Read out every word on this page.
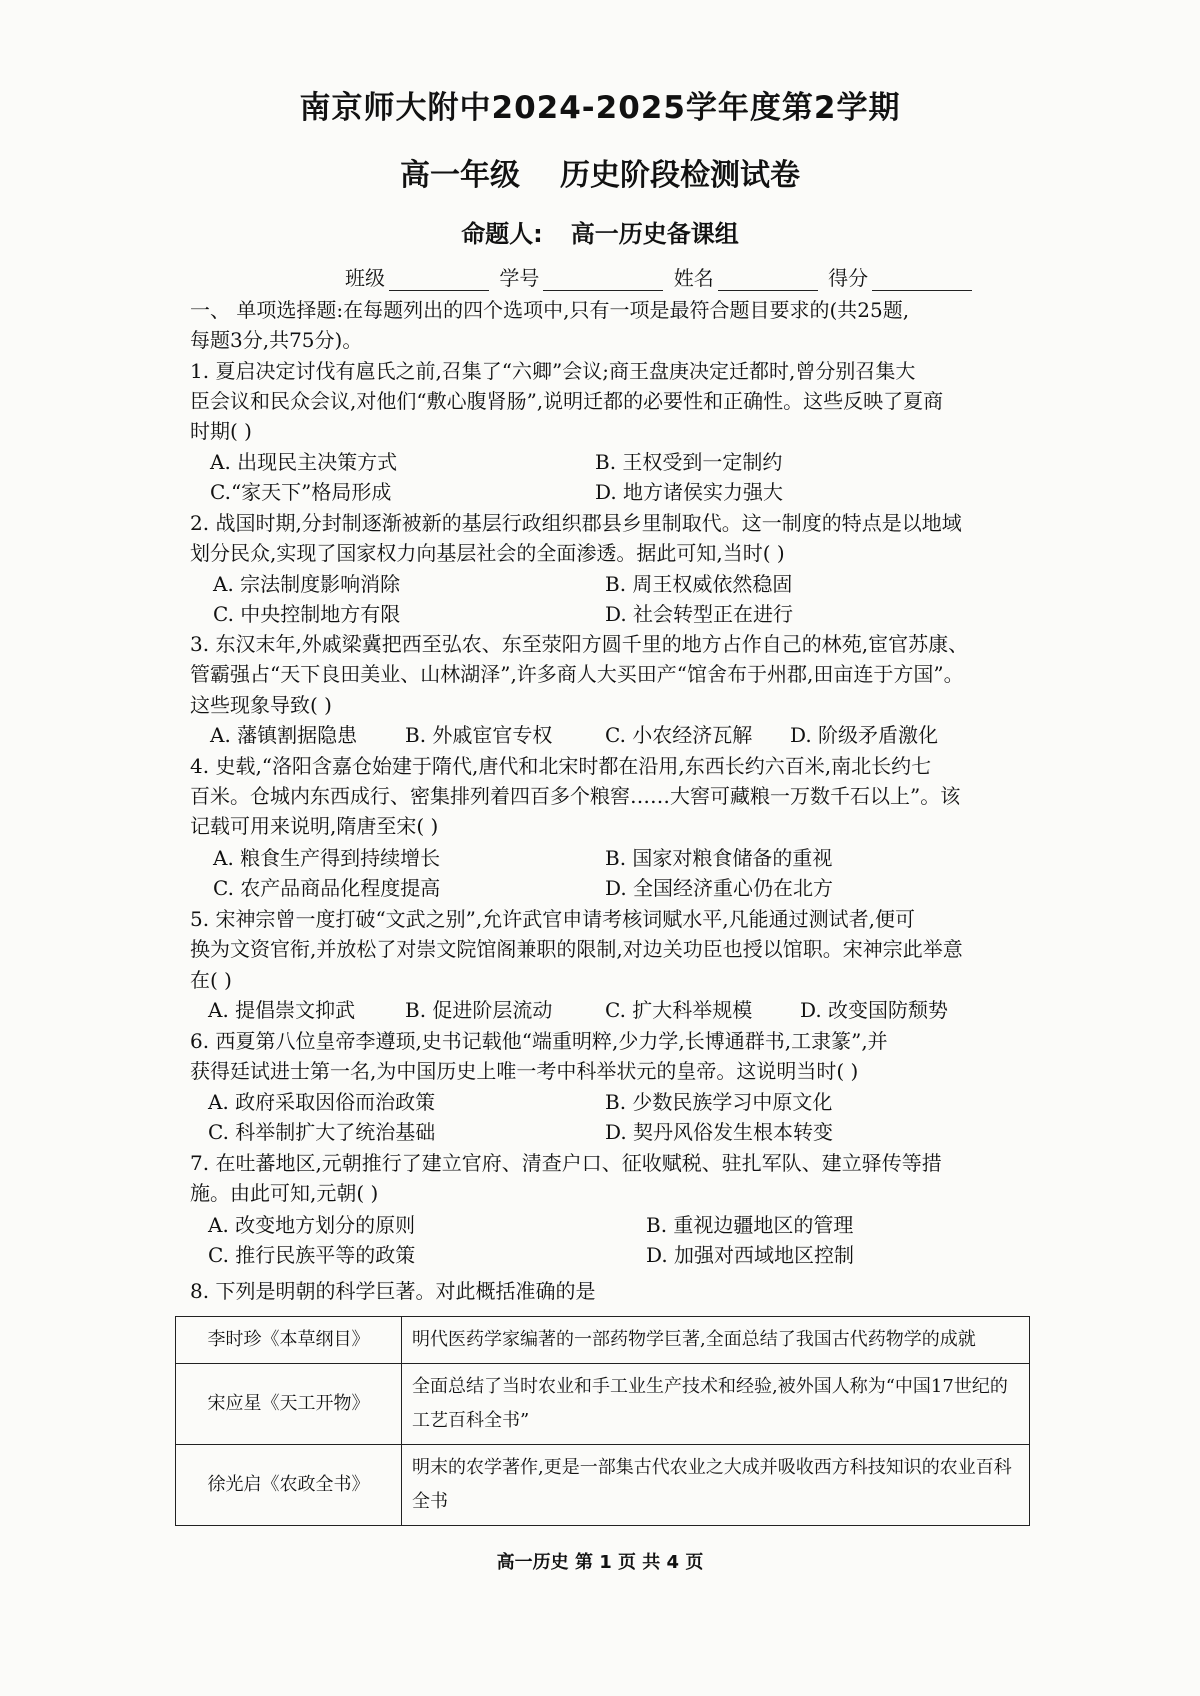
南京师大附中2024-2025学年度第2学期
高一年级 历史阶段检测试卷
命题人: 高一历史备课组
班级	学号	姓名	得分
一、 单项选择题:在每题列出的四个选项中,只有一项是最符合题目要求的(共25题,
每题3分,共75分)。
1. 夏启决定讨伐有扈氏之前,召集了“六卿”会议;商王盘庚决定迁都时,曾分别召集大
臣会议和民众会议,对他们“敷心腹肾肠”,说明迁都的必要性和正确性。这些反映了夏商
时期( )
A. 出现民主决策方式	B. 王权受到一定制约
C.“家天下”格局形成	D. 地方诸侯实力强大
2. 战国时期,分封制逐渐被新的基层行政组织郡县乡里制取代。这一制度的特点是以地域
划分民众,实现了国家权力向基层社会的全面渗透。据此可知,当时( )
A. 宗法制度影响消除	B. 周王权威依然稳固
C. 中央控制地方有限	D. 社会转型正在进行
3. 东汉末年,外戚梁冀把西至弘农、东至荥阳方圆千里的地方占作自己的林苑,宦官苏康、
管霸强占“天下良田美业、山林湖泽”,许多商人大买田产“馆舍布于州郡,田亩连于方国”。
这些现象导致( )
A. 藩镇割据隐患 B. 外戚宦官专权	C. 小农经济瓦解 D. 阶级矛盾激化
4. 史载,“洛阳含嘉仓始建于隋代,唐代和北宋时都在沿用,东西长约六百米,南北长约七
百米。仓城内东西成行、密集排列着四百多个粮窖……大窖可藏粮一万数千石以上”。该
记载可用来说明,隋唐至宋( )
A. 粮食生产得到持续增长	B. 国家对粮食储备的重视
C. 农产品商品化程度提高	D. 全国经济重心仍在北方
5. 宋神宗曾一度打破“文武之别”,允许武官申请考核词赋水平,凡能通过测试者,便可
换为文资官衔,并放松了对崇文院馆阁兼职的限制,对边关功臣也授以馆职。宋神宗此举意
在( )
A. 提倡崇文抑武 B. 促进阶层流动	C. 扩大科举规模 D. 改变国防颓势
6. 西夏第八位皇帝李遵顼,史书记载他“端重明粹,少力学,长博通群书,工隶篆”,并
获得廷试进士第一名,为中国历史上唯一考中科举状元的皇帝。这说明当时( )
A. 政府采取因俗而治政策	B. 少数民族学习中原文化
C. 科举制扩大了统治基础	D. 契丹风俗发生根本转变
7. 在吐蕃地区,元朝推行了建立官府、清查户口、征收赋税、驻扎军队、建立驿传等措
施。由此可知,元朝( )
A. 改变地方划分的原则	B. 重视边疆地区的管理
C. 推行民族平等的政策	D. 加强对西域地区控制
8. 下列是明朝的科学巨著。对此概括准确的是
李时珍《本草纲目》	明代医药学家编著的一部药物学巨著,全面总结了我国古代药物学的成就
宋应星《天工开物》	全面总结了当时农业和手工业生产技术和经验,被外国人称为“中国17世纪的工艺百科全书”
徐光启《农政全书》	明末的农学著作,更是一部集古代农业之大成并吸收西方科技知识的农业百科全书
高一历史 第 1 页 共 4 页
